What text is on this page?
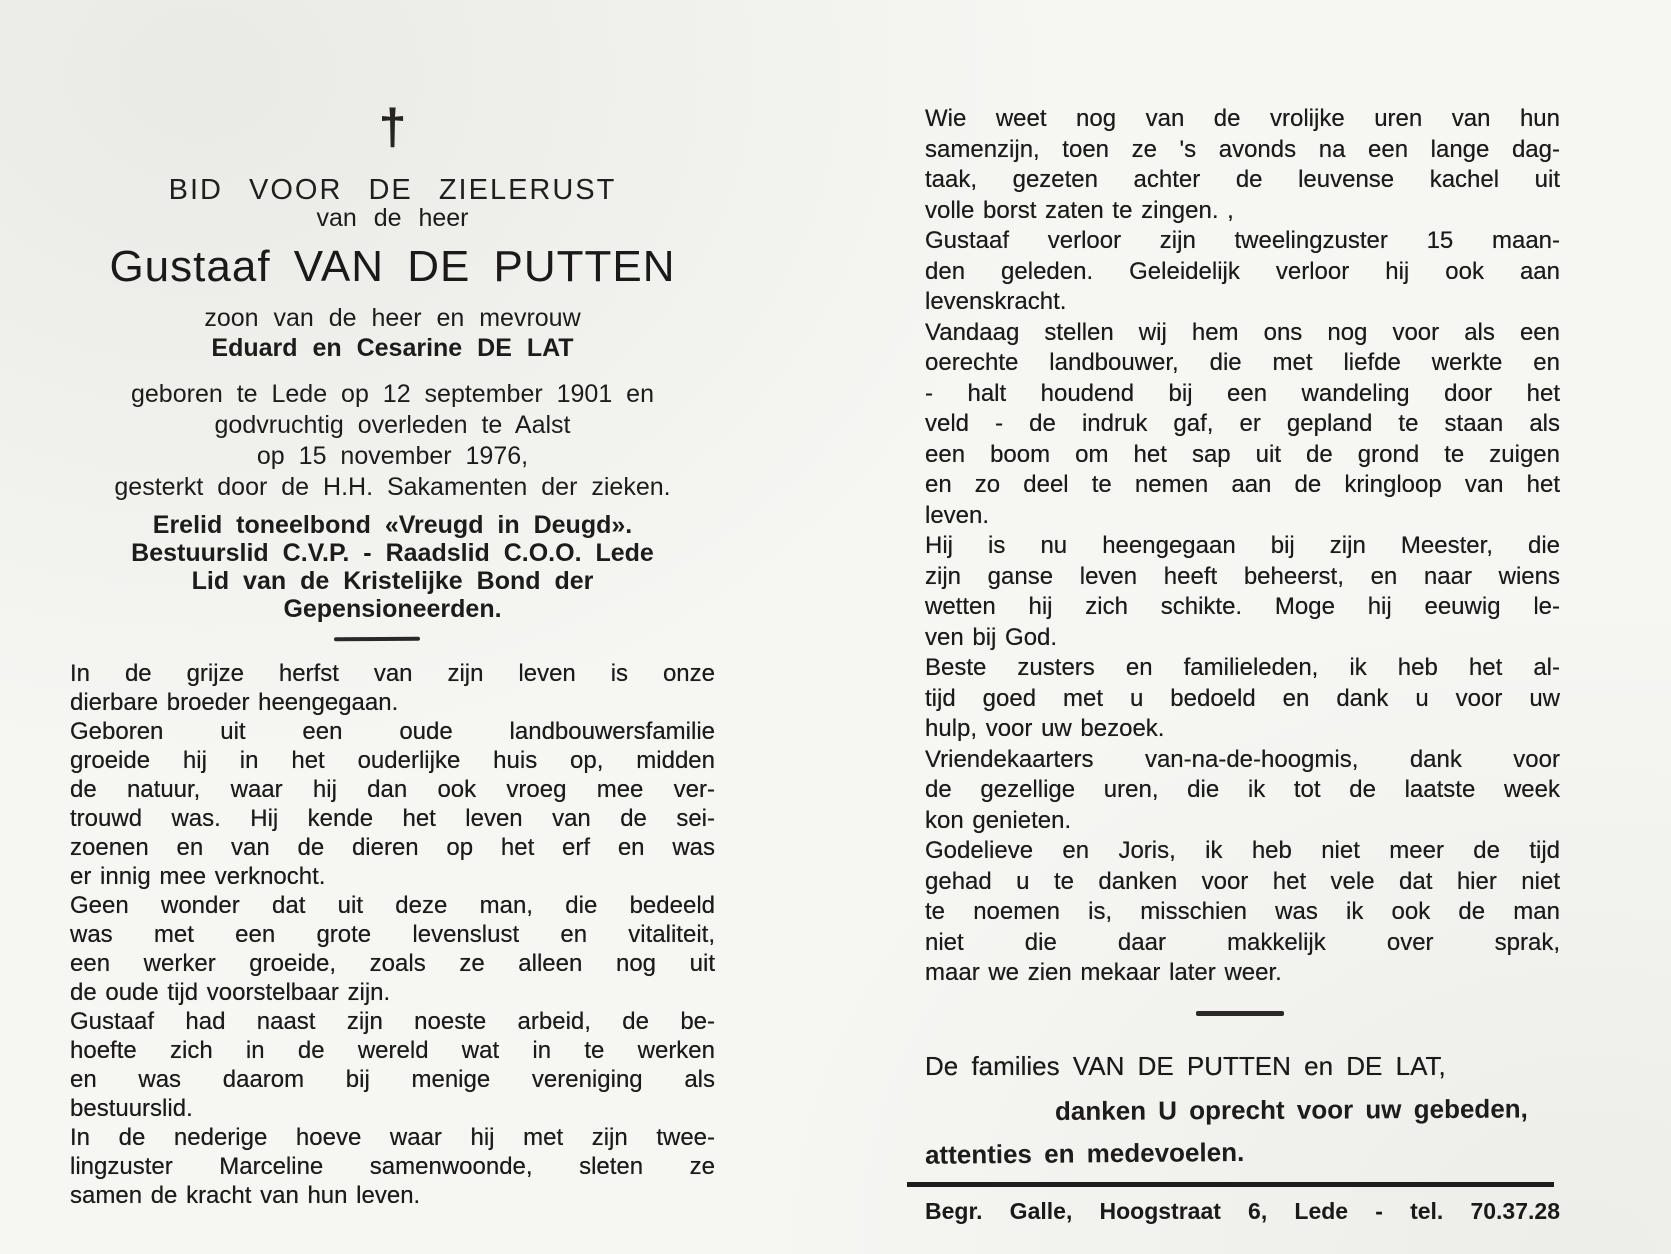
†
BID VOOR DE ZIELERUST
van de heer
Gustaaf VAN DE PUTTEN
zoon van de heer en mevrouw
Eduard en Cesarine DE LAT
geboren te Lede op 12 september 1901 en
godvruchtig overleden te Aalst
op 15 november 1976,
gesterkt door de H.H. Sakamenten der zieken.
Erelid toneelbond «Vreugd in Deugd».
Bestuurslid C.V.P. - Raadslid C.O.O. Lede
Lid van de Kristelijke Bond der
Gepensioneerden.
In de grijze herfst van zijn leven is onze
dierbare broeder heengegaan.
Geboren uit een oude landbouwersfamilie
groeide hij in het ouderlijke huis op, midden
de natuur, waar hij dan ook vroeg mee ver-
trouwd was. Hij kende het leven van de sei-
zoenen en van de dieren op het erf en was
er innig mee verknocht.
Geen wonder dat uit deze man, die bedeeld
was met een grote levenslust en vitaliteit,
een werker groeide, zoals ze alleen nog uit
de oude tijd voorstelbaar zijn.
Gustaaf had naast zijn noeste arbeid, de be-
hoefte zich in de wereld wat in te werken
en was daarom bij menige vereniging als
bestuurslid.
In de nederige hoeve waar hij met zijn twee-
lingzuster Marceline samenwoonde, sleten ze
samen de kracht van hun leven.
Wie weet nog van de vrolijke uren van hun
samenzijn, toen ze 's avonds na een lange dag-
taak, gezeten achter de leuvense kachel uit
volle borst zaten te zingen. ,
Gustaaf verloor zijn tweelingzuster 15 maan-
den geleden. Geleidelijk verloor hij ook aan
levenskracht.
Vandaag stellen wij hem ons nog voor als een
oerechte landbouwer, die met liefde werkte en
- halt houdend bij een wandeling door het
veld - de indruk gaf, er gepland te staan als
een boom om het sap uit de grond te zuigen
en zo deel te nemen aan de kringloop van het
leven.
Hij is nu heengegaan bij zijn Meester, die
zijn ganse leven heeft beheerst, en naar wiens
wetten hij zich schikte. Moge hij eeuwig le-
ven bij God.
Beste zusters en familieleden, ik heb het al-
tijd goed met u bedoeld en dank u voor uw
hulp, voor uw bezoek.
Vriendekaarters van-na-de-hoogmis, dank voor
de gezellige uren, die ik tot de laatste week
kon genieten.
Godelieve en Joris, ik heb niet meer de tijd
gehad u te danken voor het vele dat hier niet
te noemen is, misschien was ik ook de man
niet die daar makkelijk over sprak,
maar we zien mekaar later weer.
De families VAN DE PUTTEN en DE LAT,
danken U oprecht voor uw gebeden,
attenties en medevoelen.
Begr. Galle, Hoogstraat 6, Lede - tel. 70.37.28
